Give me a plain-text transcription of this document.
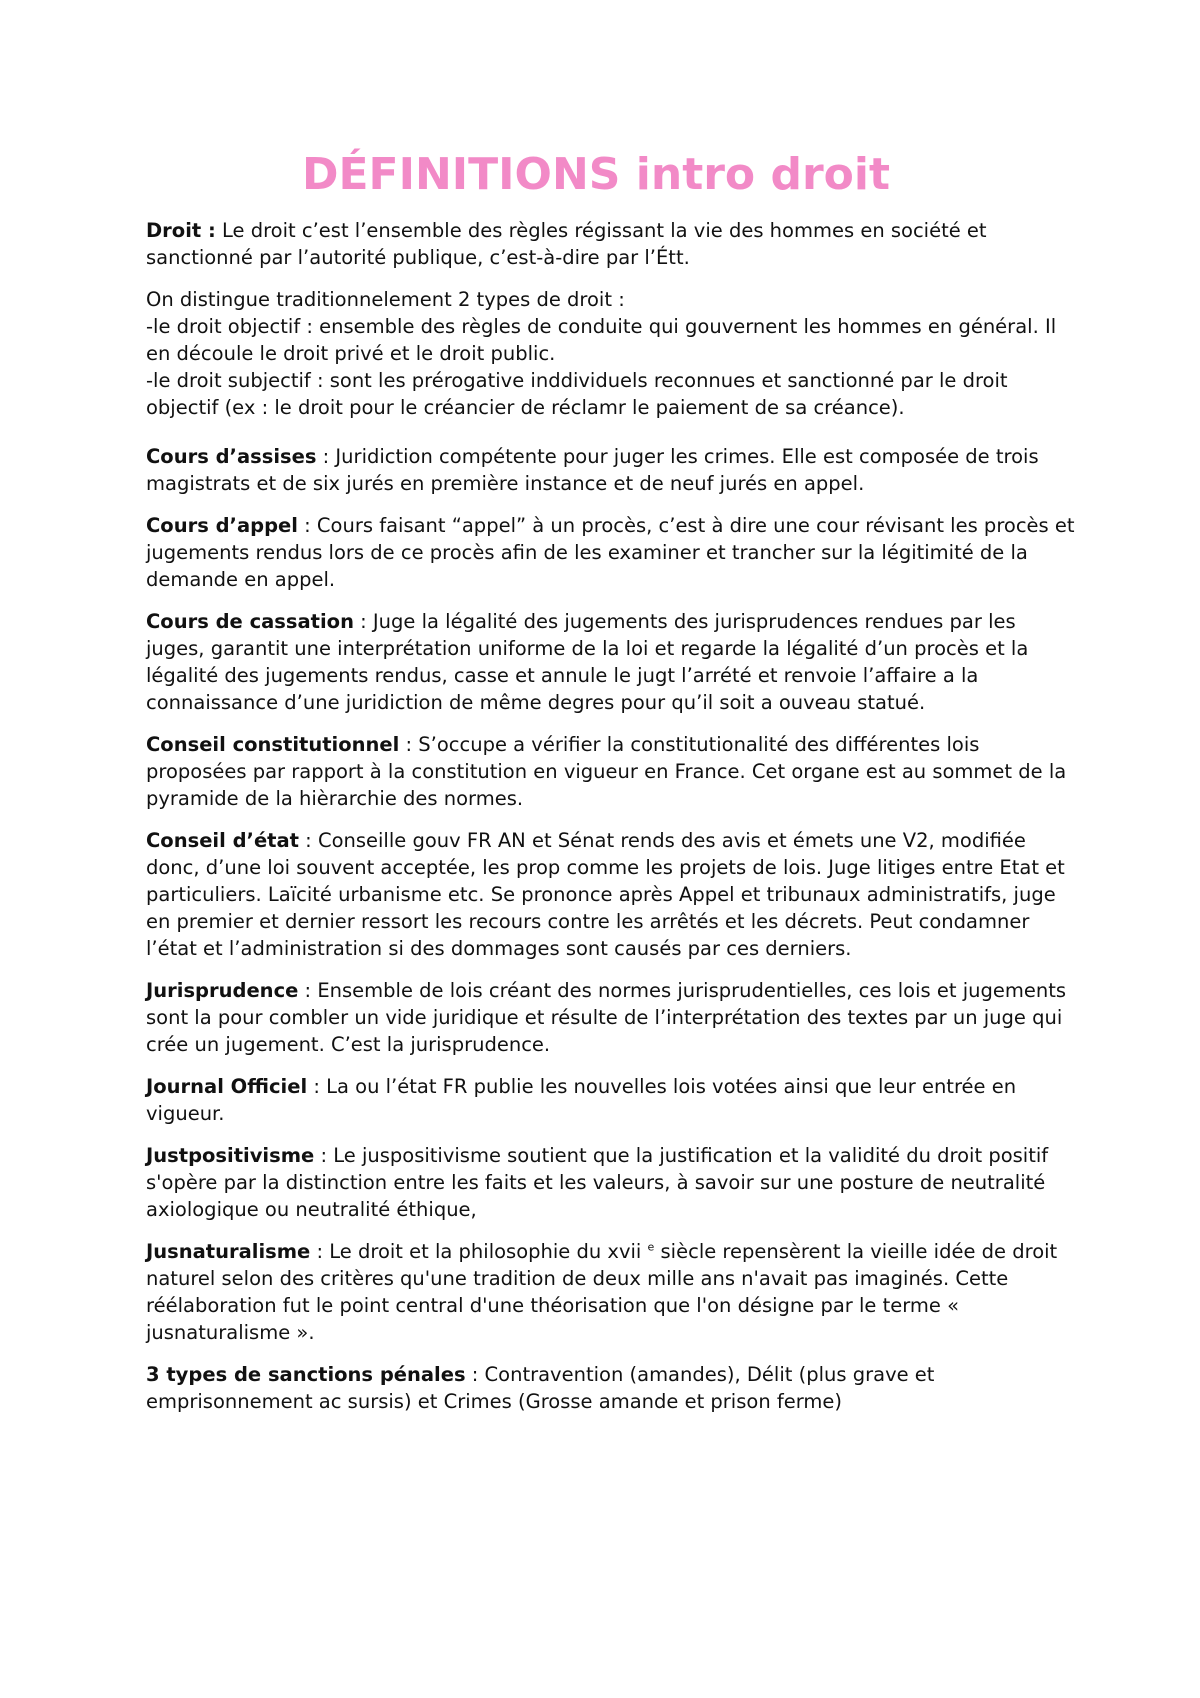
DÉFINITIONS intro droit

Droit : Le droit c’est l’ensemble des règles régissant la vie des hommes en société et sanctionné par l’autorité publique, c’est-à-dire par l’Étt.

On distingue traditionnelement 2 types de droit :
-le droit objectif : ensemble des règles de conduite qui gouvernent les hommes en général. Il en découle le droit privé et le droit public.
-le droit subjectif : sont les prérogative inddividuels reconnues et sanctionné par le droit objectif (ex : le droit pour le créancier de réclamr le paiement de sa créance).

Cours d’assises : Juridiction compétente pour juger les crimes. Elle est composée de trois magistrats et de six jurés en première instance et de neuf jurés en appel.

Cours d’appel : Cours faisant “appel” à un procès, c’est à dire une cour révisant les procès et jugements rendus lors de ce procès afin de les examiner et trancher sur la légitimité de la demande en appel.

Cours de cassation : Juge la légalité des jugements des jurisprudences rendues par les juges, garantit une interprétation uniforme de la loi et regarde la légalité d’un procès et la légalité des jugements rendus, casse et annule le jugt l’arrété et renvoie l’affaire a la connaissance d’une juridiction de même degres pour qu’il soit a ouveau statué.

Conseil constitutionnel : S’occupe a vérifier la constitutionalité des différentes lois proposées par rapport à la constitution en vigueur en France. Cet organe est au sommet de la pyramide de la hièrarchie des normes.

Conseil d’état : Conseille gouv FR AN et Sénat rends des avis et émets une V2, modifiée donc, d’une loi souvent acceptée, les prop comme les projets de lois. Juge litiges entre Etat et particuliers. Laïcité urbanisme etc. Se prononce après Appel et tribunaux administratifs, juge en premier et dernier ressort les recours contre les arrêtés et les décrets. Peut condamner l’état et l’administration si des dommages sont causés par ces derniers.

Jurisprudence : Ensemble de lois créant des normes jurisprudentielles, ces lois et jugements sont la pour combler un vide juridique et résulte de l’interprétation des textes par un juge qui crée un jugement. C’est la jurisprudence.

Journal Officiel : La ou l’état FR publie les nouvelles lois votées ainsi que leur entrée en vigueur.

Justpositivisme : Le juspositivisme soutient que la justification et la validité du droit positif s'opère par la distinction entre les faits et les valeurs, à savoir sur une posture de neutralité axiologique ou neutralité éthique,

Jusnaturalisme : Le droit et la philosophie du xvii $^e$ siècle repensèrent la vieille idée de droit naturel selon des critères qu'une tradition de deux mille ans n'avait pas imaginés. Cette réélaboration fut le point central d'une théorisation que l'on désigne par le terme « jusnaturalisme ».

3 types de sanctions pénales : Contravention (amandes), Délit (plus grave et emprisonnement ac sursis) et Crimes (Grosse amande et prison ferme)
